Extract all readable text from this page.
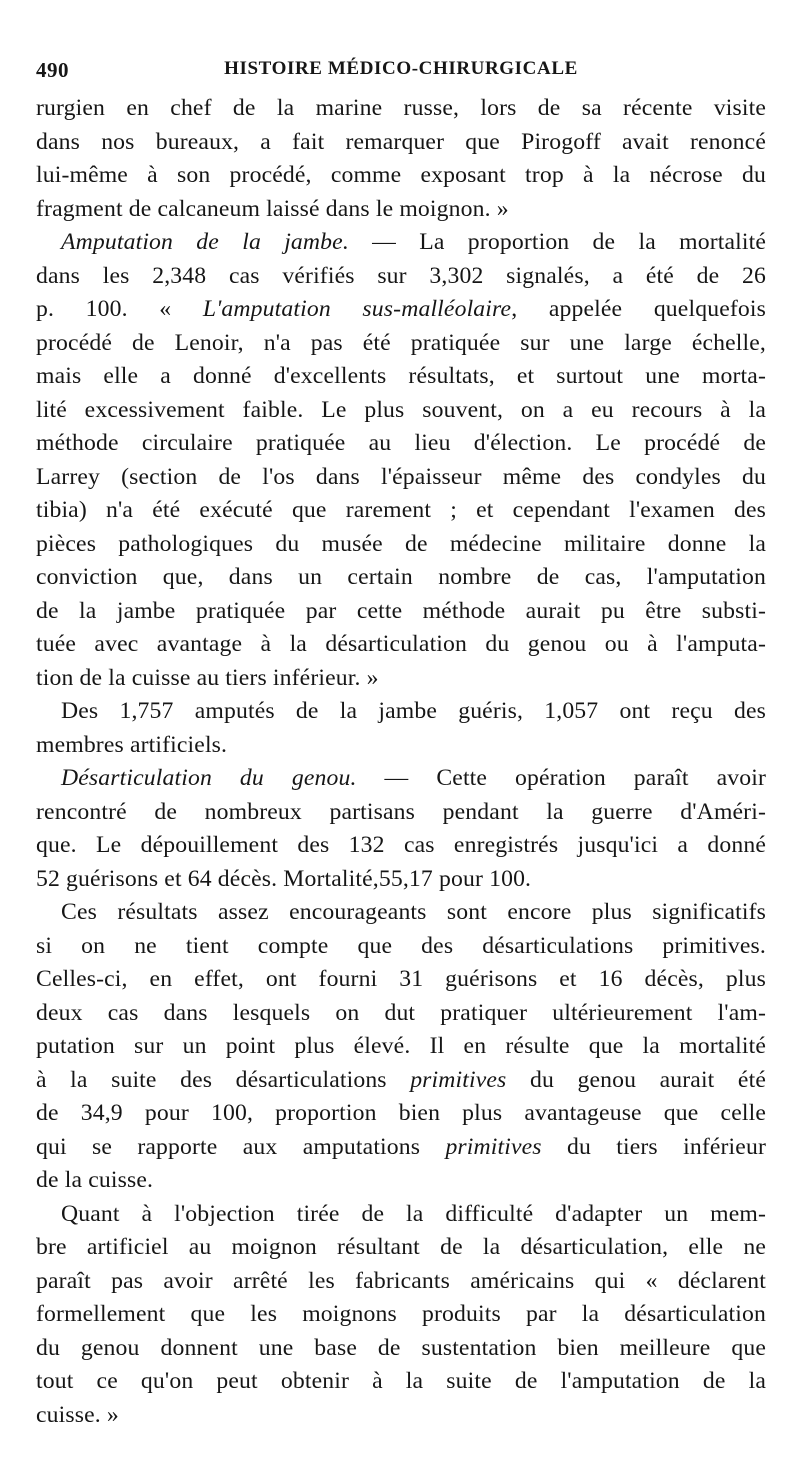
490	HISTOIRE MÉDICO-CHIRURGICALE
rurgien en chef de la marine russe, lors de sa récente visite
dans nos bureaux, a fait remarquer que Pirogoff avait renoncé
lui-même à son procédé, comme exposant trop à la nécrose du
fragment de calcaneum laissé dans le moignon. »
Amputation de la jambe. — La proportion de la mortalité
dans les 2,348 cas vérifiés sur 3,302 signalés, a été de 26
p. 100. « L'amputation sus-malléolaire, appelée quelquefois
procédé de Lenoir, n'a pas été pratiquée sur une large échelle,
mais elle a donné d'excellents résultats, et surtout une morta-
lité excessivement faible. Le plus souvent, on a eu recours à la
méthode circulaire pratiquée au lieu d'élection. Le procédé de
Larrey (section de l'os dans l'épaisseur même des condyles du
tibia) n'a été exécuté que rarement ; et cependant l'examen des
pièces pathologiques du musée de médecine militaire donne la
conviction que, dans un certain nombre de cas, l'amputation
de la jambe pratiquée par cette méthode aurait pu être substi-
tuée avec avantage à la désarticulation du genou ou à l'amputa-
tion de la cuisse au tiers inférieur. »
Des 1,757 amputés de la jambe guéris, 1,057 ont reçu des
membres artificiels.
Désarticulation du genou. — Cette opération paraît avoir
rencontré de nombreux partisans pendant la guerre d'Améri-
que. Le dépouillement des 132 cas enregistrés jusqu'ici a donné
52 guérisons et 64 décès. Mortalité,55,17 pour 100.
Ces résultats assez encourageants sont encore plus significatifs
si on ne tient compte que des désarticulations primitives.
Celles-ci, en effet, ont fourni 31 guérisons et 16 décès, plus
deux cas dans lesquels on dut pratiquer ultérieurement l'am-
putation sur un point plus élevé. Il en résulte que la mortalité
à la suite des désarticulations primitives du genou aurait été
de 34,9 pour 100, proportion bien plus avantageuse que celle
qui se rapporte aux amputations primitives du tiers inférieur
de la cuisse.
Quant à l'objection tirée de la difficulté d'adapter un mem-
bre artificiel au moignon résultant de la désarticulation, elle ne
paraît pas avoir arrêté les fabricants américains qui « déclarent
formellement que les moignons produits par la désarticulation
du genou donnent une base de sustentation bien meilleure que
tout ce qu'on peut obtenir à la suite de l'amputation de la
cuisse. »
